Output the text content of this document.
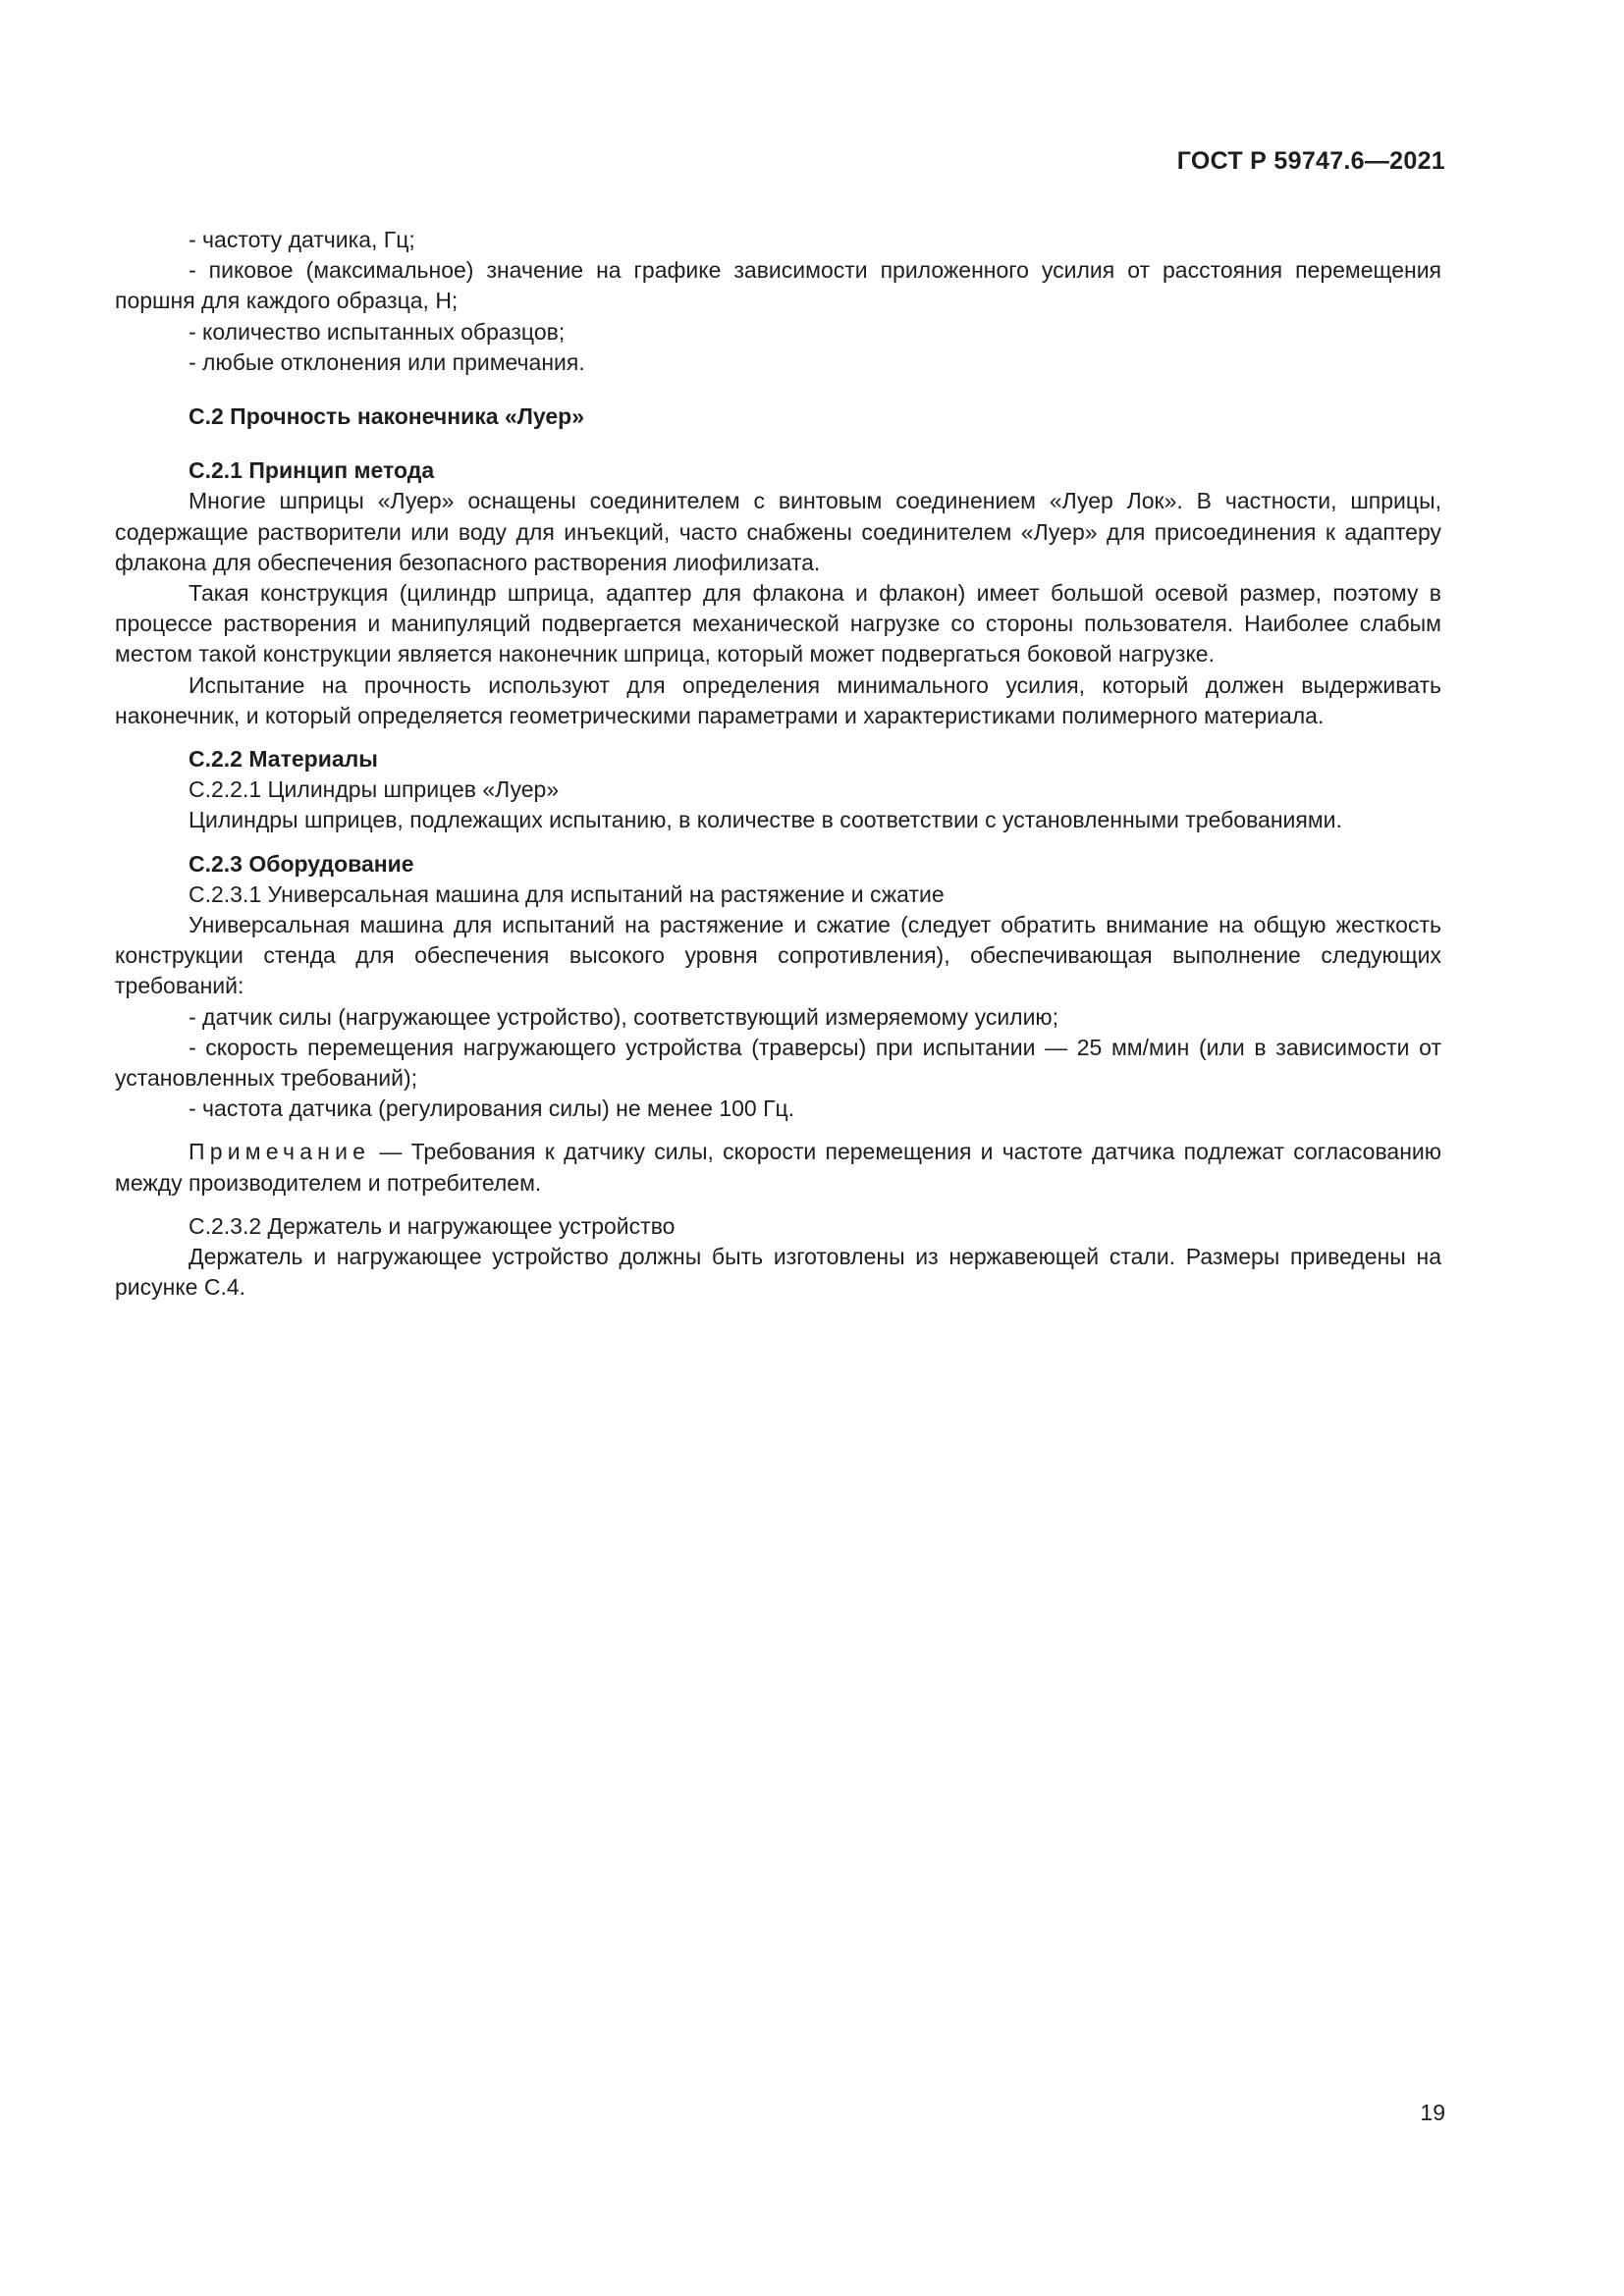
ГОСТ Р 59747.6—2021

- частоту датчика, Гц;

- пиковое (максимальное) значение на графике зависимости приложенного усилия от расстояния перемещения поршня для каждого образца, Н;

- количество испытанных образцов;

- любые отклонения или примечания.

С.2 Прочность наконечника «Луер»

С.2.1 Принцип метода

Многие шприцы «Луер» оснащены соединителем с винтовым соединением «Луер Лок». В частности, шприцы, содержащие растворители или воду для инъекций, часто снабжены соединителем «Луер» для присоединения к адаптеру флакона для обеспечения безопасного растворения лиофилизата.

Такая конструкция (цилиндр шприца, адаптер для флакона и флакон) имеет большой осевой размер, поэтому в процессе растворения и манипуляций подвергается механической нагрузке со стороны пользователя. Наиболее слабым местом такой конструкции является наконечник шприца, который может подвергаться боковой нагрузке.

Испытание на прочность используют для определения минимального усилия, который должен выдерживать наконечник, и который определяется геометрическими параметрами и характеристиками полимерного материала.

С.2.2 Материалы

С.2.2.1 Цилиндры шприцев «Луер»

Цилиндры шприцев, подлежащих испытанию, в количестве в соответствии с установленными требованиями.

С.2.3 Оборудование

С.2.3.1 Универсальная машина для испытаний на растяжение и сжатие

Универсальная машина для испытаний на растяжение и сжатие (следует обратить внимание на общую жесткость конструкции стенда для обеспечения высокого уровня сопротивления), обеспечивающая выполнение следующих требований:

- датчик силы (нагружающее устройство), соответствующий измеряемому усилию;

- скорость перемещения нагружающего устройства (траверсы) при испытании — 25 мм/мин (или в зависимости от установленных требований);

- частота датчика (регулирования силы) не менее 100 Гц.

Примечание — Требования к датчику силы, скорости перемещения и частоте датчика подлежат согласованию между производителем и потребителем.

С.2.3.2 Держатель и нагружающее устройство

Держатель и нагружающее устройство должны быть изготовлены из нержавеющей стали. Размеры приведены на рисунке С.4.

19
